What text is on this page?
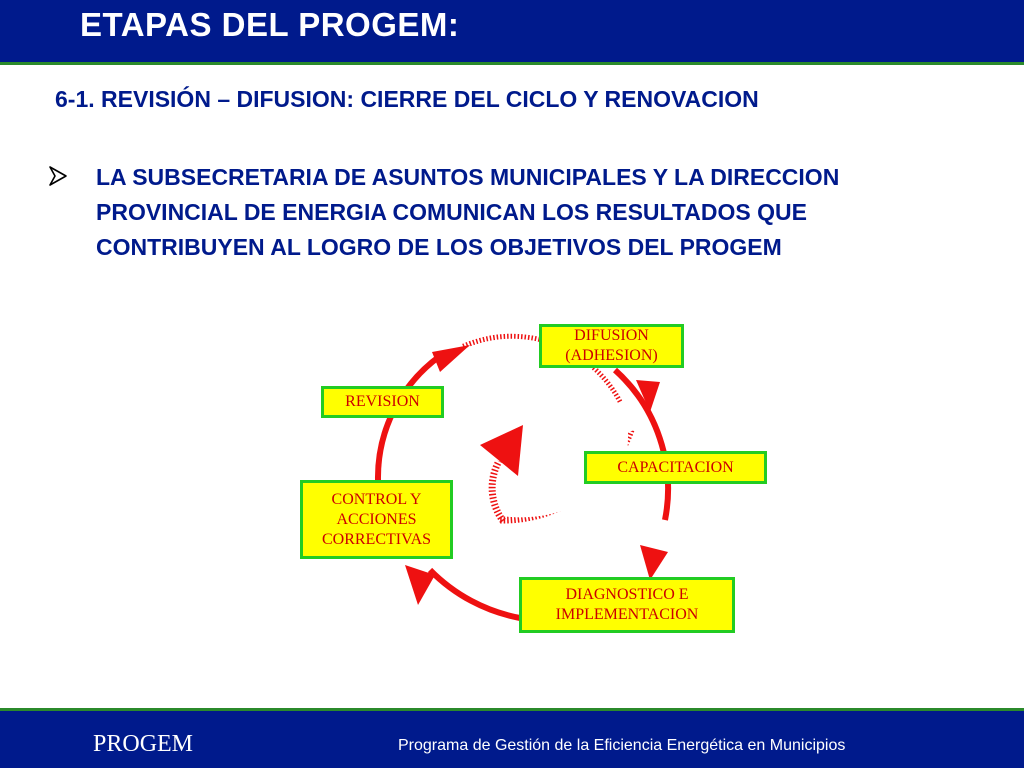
ETAPAS DEL PROGEM:
6-1. REVISIÓN – DIFUSION: CIERRE DEL CICLO Y RENOVACION
LA SUBSECRETARIA DE ASUNTOS MUNICIPALES Y LA DIRECCION PROVINCIAL DE ENERGIA COMUNICAN LOS RESULTADOS QUE CONTRIBUYEN AL LOGRO DE LOS OBJETIVOS DEL PROGEM
DIFUSION (ADHESION)
REVISION
CAPACITACION
CONTROL Y ACCIONES CORRECTIVAS
DIAGNOSTICO E IMPLEMENTACION
PROGEM	Programa de Gestión de la Eficiencia Energética en Municipios
